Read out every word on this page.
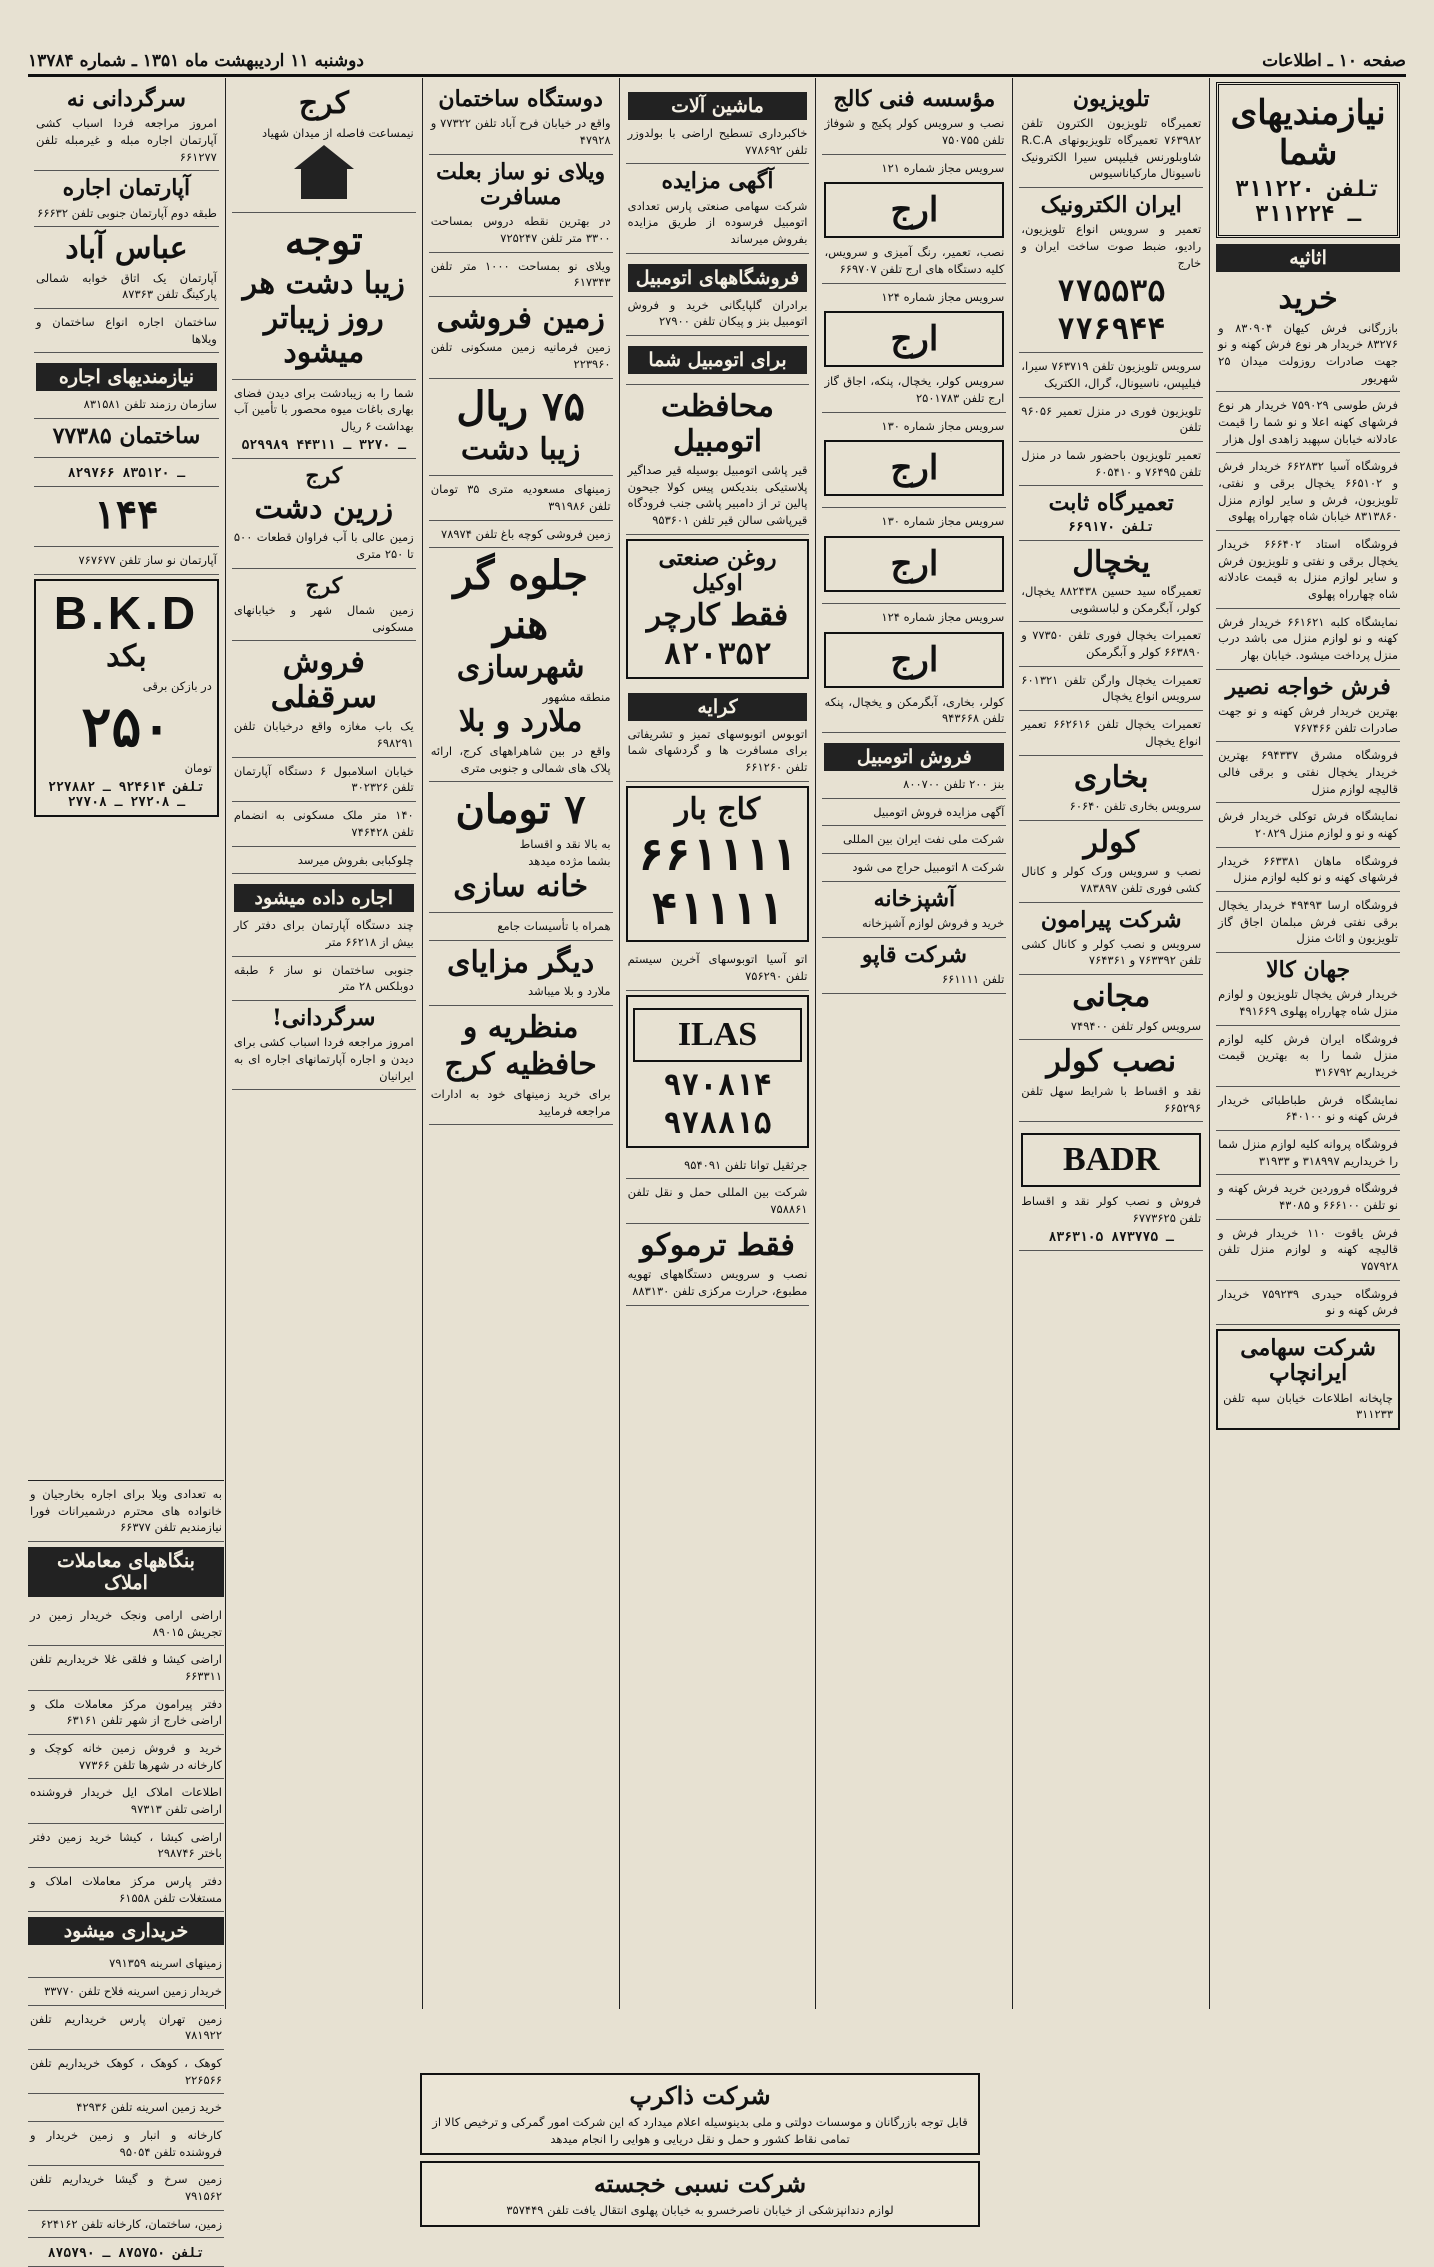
صفحه ۱۰ ـ اطلاعات
دوشنبه ۱۱ اردیبهشت ماه ۱۳۵۱ ـ شماره ۱۳۷۸۴
نیازمندیهای شما
تلفن ۳۱۱۲۲۰ ـ ۳۱۱۲۲۴
اثاثیه
خرید

بازرگانی فرش کیهان ۸۳۰۹۰۴ و ۸۳۲۷۶ خریدار هر نوع فرش کهنه و نو جهت صادرات روزولت میدان ۲۵ شهریور

فرش طوسی ۷۵۹۰۲۹ خریدار هر نوع فرشهای کهنه اعلا و نو شما را قیمت عادلانه خیابان سپهبد زاهدی اول هزار

فروشگاه آسیا ۶۶۲۸۳۲ خریدار فرش و ۶۶۵۱۰۲ یخچال برقی و نفتی، تلویزیون، فرش و سایر لوازم منزل ۸۳۱۳۸۶۰ خیابان شاه چهارراه پهلوی

فروشگاه استاد ۶۶۶۴۰۲ خریدار یخچال برقی و نفتی و تلویزیون فرش و سایر لوازم منزل به قیمت عادلانه شاه چهارراه پهلوی

نمایشگاه کلبه ۶۶۱۶۲۱ خریدار فرش کهنه و نو لوازم منزل می باشد درب منزل پرداخت میشود. خیابان بهار

فرش خواجه نصیر

بهترین خریدار فرش کهنه و نو جهت صادرات تلفن ۷۶۷۴۶۶

فروشگاه مشرق ۶۹۴۳۳۷ بهترین خریدار یخچال نفتی و برقی فالی قالیچه لوازم منزل

نمایشگاه فرش توکلی خریدار فرش کهنه و نو و لوازم منزل ۲۰۸۲۹

فروشگاه ماهان ۶۶۳۳۸۱ خریدار فرشهای کهنه و نو کلیه لوازم منزل

فروشگاه ارسا ۴۹۴۹۳ خریدار یخچال برقی نفتی فرش مبلمان اجاق گاز تلویزیون و اثاث منزل

جهان کالا

خریدار فرش یخچال تلویزیون و لوازم منزل شاه چهارراه پهلوی ۴۹۱۶۶۹

فروشگاه ایران فرش کلیه لوازم منزل شما را به بهترین قیمت خریداریم ۳۱۶۷۹۲

نمایشگاه فرش طباطبائی خریدار فرش کهنه و نو ۶۴۰۱۰۰

فروشگاه پروانه کلیه لوازم منزل شما را خریداریم ۳۱۸۹۹۷ و ۳۱۹۳۳

فروشگاه فروردین خرید فرش کهنه و نو تلفن ۶۶۶۱۰۰ و ۴۳۰۸۵

فرش یاقوت ۱۱۰ خریدار فرش و قالیچه کهنه و لوازم منزل تلفن ۷۵۷۹۲۸

فروشگاه حیدری ۷۵۹۲۳۹ خریدار فرش کهنه و نو

شرکت سهامی ایرانچاپ

چاپخانه اطلاعات خیابان سپه تلفن ۳۱۱۲۳۳

تلویزیون

تعمیرگاه تلویزیون الکترون تلفن ۷۶۳۹۸۲ تعمیرگاه تلویزیونهای R.C.A شاوبلورنس فیلیپس سیرا الکترونیک ناسیونال مارکیاناسیوس

ایران الکترونیک

تعمیر و سرویس انواع تلویزیون، رادیو، ضبط صوت ساخت ایران و خارج

۷۷۵۵۳۵
۷۷۶۹۴۴

سرویس تلویزیون تلفن ۷۶۳۷۱۹ سیرا، فیلیپس، ناسیونال، گرال، الکتریک

تلویزیون فوری در منزل تعمیر ۹۶۰۵۶ تلفن

تعمیر تلویزیون باحضور شما در منزل تلفن ۷۶۴۹۵ و ۶۰۵۴۱۰

تعمیرگاه ثابت
تلفن ۶۶۹۱۷۰
یخچال

تعمیرگاه سید حسین ۸۸۲۴۳۸ یخچال، کولر، آبگرمکن و لباسشویی

تعمیرات یخچال فوری تلفن ۷۷۳۵۰ و ۶۶۳۸۹۰ کولر و آبگرمکن

تعمیرات یخچال وارگن تلفن ۶۰۱۳۲۱ سرویس انواع یخچال

تعمیرات یخچال تلفن ۶۶۲۶۱۶ تعمیر انواع یخچال

بخاری

سرویس بخاری تلفن ۶۰۶۴۰

کولر

نصب و سرویس ورک کولر و کانال کشی فوری تلفن ۷۸۳۸۹۷

شرکت پیرامون

سرویس و نصب کولر و کانال کشی تلفن ۷۶۳۳۹۲ و ۷۶۴۳۶۱

مجانی

سرویس کولر تلفن ۷۴۹۴۰۰

نصب کولر

نقد و اقساط با شرایط سهل تلفن ۶۶۵۲۹۶

BADR

فروش و نصب کولر نقد و اقساط تلفن ۶۷۷۳۶۲۵

۸۳۶۳۱۰۵ ـ ۸۷۳۷۷۵
مؤسسه فنی کالج

نصب و سرویس کولر پکیج و شوفاژ تلفن ۷۵۰۷۵۵

سرویس مجاز شماره ۱۲۱

ارج

نصب، تعمیر، رنگ آمیزی و سرویس، کلیه دستگاه های ارج تلفن ۶۶۹۷۰۷

سرویس مجاز شماره ۱۲۴

ارج

سرویس کولر، یخچال، پنکه، اجاق گاز ارج تلفن ۲۵۰۱۷۸۳

سرویس مجاز شماره ۱۳۰

ارج

سرویس مجاز شماره ۱۳۰

ارج

سرویس مجاز شماره ۱۲۴

ارج

کولر، بخاری، آبگرمکن و یخچال، پنکه تلفن ۹۴۳۶۶۸

فروش اتومبیل

بنز ۲۰۰ تلفن ۸۰۰۷۰۰

آگهی مزایده فروش اتومبیل

شرکت ملی نفت ایران بین المللی

شرکت ۸ اتومبیل حراج می شود

آشپزخانه

خرید و فروش لوازم آشپزخانه

شرکت قاپو

تلفن ۶۶۱۱۱۱

ماشین آلات

خاکبرداری تسطیح اراضی با بولدوزر تلفن ۷۷۸۶۹۲

آگهی مزایده

شرکت سهامی صنعتی پارس تعدادی اتومبیل فرسوده از طریق مزایده بفروش میرساند

فروشگاههای اتومبیل

برادران گلپایگانی خرید و فروش اتومبیل بنز و پیکان تلفن ۲۷۹۰۰

برای اتومبیل شما
محافظت اتومبیل

قیر پاشی اتومبیل بوسیله قیر صداگیر پلاستیکی بندیکس پیس کولا جیحون پالین تر از دامبیر پاشی جنب فرودگاه قیرپاشی سالن قیر تلفن ۹۵۳۶۰۱

روغن صنعتی اوکیل
فقط کارچر
۸۲۰۳۵۲
کرایه

اتوبوس اتوبوسهای تمیز و تشریفاتی برای مسافرت ها و گردشهای شما تلفن ۶۶۱۲۶۰

کاج بار
۶۶۱۱۱۱
۴۱۱۱۱

اتو آسیا اتوبوسهای آخرین سیستم تلفن ۷۵۶۲۹۰

ILAS
۹۷۰۸۱۴
۹۷۸۸۱۵

جرثقیل توانا تلفن ۹۵۴۰۹۱

شرکت بین المللی حمل و نقل تلفن ۷۵۸۸۶۱

فقط ترموکو

نصب و سرویس دستگاههای تهویه مطبوع، حرارت مرکزی تلفن ۸۸۳۱۳۰

دوستگاه ساختمان

واقع در خیابان فرح آباد تلفن ۷۷۳۲۲ و ۴۷۹۲۸

ویلای نو ساز بعلت مسافرت

در بهترین نقطه دروس بمساحت ۳۳۰۰ متر تلفن ۷۲۵۲۴۷

ویلای نو بمساحت ۱۰۰۰ متر تلفن ۶۱۷۳۴۳

زمین فروشی

زمین فرمانیه زمین مسکونی تلفن ۲۲۳۹۶۰

۷۵ ریال
زیبا دشت

زمینهای مسعودیه متری ۳۵ تومان تلفن ۳۹۱۹۸۶

زمین فروشی کوچه باغ تلفن ۷۸۹۷۴

جلوه گر
هنر
شهرسازی

منطقه مشهور

ملارد و بلا

واقع در بین شاهراههای کرج، ارائه پلاک های شمالی و جنوبی متری

۷ تومان

به بالا نقد و اقساط

بشما مژده میدهد

خانه سازی

همراه با تأسیسات جامع

دیگر مزایای

ملارد و بلا میباشد

منظریه و
حافظیه کرج

برای خرید زمینهای خود به ادارات مراجعه فرمایید

کرج

نیمساعت فاصله از میدان شهیاد

توجه
زیبا دشت هر روز زیباتر میشود

شما را به زیبادشت برای دیدن فضای بهاری باغات میوه محصور با تأمین آب بهداشت ۶ ریال

۵۲۹۹۸۹ ـ ۳۲۷۰ ـ ۴۴۳۱۱
کرج
زرین دشت

زمین عالی با آب فراوان قطعات ۵۰۰ تا ۲۵۰ متری

کرج

زمین شمال شهر و خیابانهای مسکونی

فروش سرقفلی

یک باب مغازه واقع درخیابان تلفن ۶۹۸۲۹۱

خیابان اسلامبول ۶ دستگاه آپارتمان تلفن ۳۰۲۳۲۶

۱۴۰ متر ملک مسکونی به انضمام تلفن ۷۴۶۴۲۸

چلوکبابی بفروش میرسد

اجاره داده میشود

چند دستگاه آپارتمان برای دفتر کار بیش از ۶۶۲۱۸ متر

جنوبی ساختمان نو ساز ۶ طبقه دوبلکس ۲۸ متر

سرگردانی!

امروز مراجعه فردا اسباب کشی برای دیدن و اجاره آپارتمانهای اجاره ای به ایرانیان

سرگردانی نه

امروز مراجعه فردا اسباب کشی آپارتمان اجاره مبله و غیرمبله تلفن ۶۶۱۲۷۷

آپارتمان اجاره

طبقه دوم آپارتمان جنوبی تلفن ۶۶۶۳۲

عباس آباد

آپارتمان یک اتاق خوابه شمالی پارکینگ تلفن ۸۷۳۶۳

ساختمان اجاره انواع ساختمان و ویلاها

نیازمندیهای اجاره

سازمان رزمند تلفن ۸۳۱۵۸۱

ساختمان ۷۷۳۸۵
۸۲۹۷۶۶ ـ ۸۳۵۱۲۰
۱۴۴

آپارتمان نو ساز تلفن ۷۶۷۶۷۷

B.K.D
بکد

در بازکن برقی

۲۵۰

تومان

تلفن ۹۲۴۶۱۴ ـ ۲۲۷۸۸۲ ـ ۲۷۲۰۸ ـ ۲۷۷۰۸

به تعدادی ویلا برای اجاره بخارجیان و خانواده های محترم درشمیرانات فورا نیازمندیم تلفن ۶۶۳۷۷

بنگاههای معاملات املاک

اراضی ارامی ونجک خریدار زمین در تجریش ۸۹۰۱۵

اراضی کیشا و فلقی غلا خریداریم تلفن ۶۶۳۳۱۱

دفتر پیرامون مرکز معاملات ملک و اراضی خارج از شهر تلفن ۶۳۱۶۱

خرید و فروش زمین خانه کوچک و کارخانه در شهرها تلفن ۷۷۳۶۶

اطلاعات املاک ایل خریدار فروشنده اراضی تلفن ۹۷۳۱۳

اراضی کیشا ، کیشا خرید زمین دفتر باختر ۲۹۸۷۴۶

دفتر پارس مرکز معاملات املاک و مستغلات تلفن ۶۱۵۵۸

خریداری میشود

زمینهای اسرینه ۷۹۱۳۵۹

خریدار زمین اسرینه فلاح تلفن ۳۳۷۷۰

زمین تهران پارس خریداریم تلفن ۷۸۱۹۲۲

کوهک ، کوهک ، کوهک خریداریم تلفن ۲۲۶۵۶۶

خرید زمین اسرینه تلفن ۴۲۹۳۶

کارخانه و انبار و زمین خریدار و فروشنده تلفن ۹۵۰۵۴

زمین سرخ و گیشا خریداریم تلفن ۷۹۱۵۶۲

زمین، ساختمان، کارخانه تلفن ۶۲۴۱۶۲

تلفن ۸۷۵۷۵۰ ـ ۸۷۵۷۹۰
شرکت ذاکرپ

قابل توجه بازرگانان و موسسات دولتی و ملی بدینوسیله اعلام میدارد که این شرکت امور گمرکی و ترخیص کالا از تمامی نقاط کشور و حمل و نقل دریایی و هوایی را انجام میدهد

شرکت نسبی خجسته

لوازم دندانپزشکی از خیابان ناصرخسرو به خیابان پهلوی انتقال یافت تلفن ۳۵۷۴۴۹
